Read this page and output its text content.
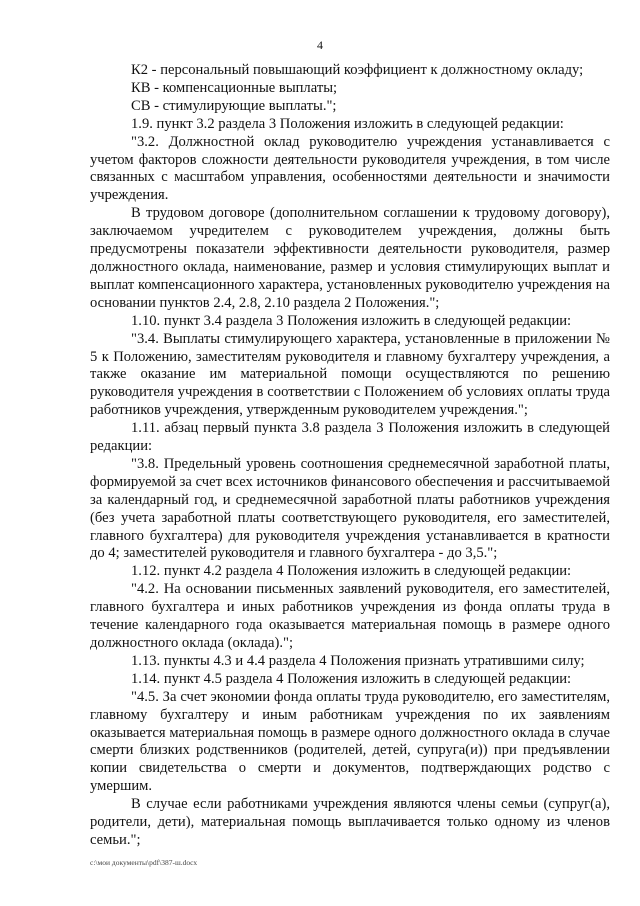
4

К2 - персональный повышающий коэффициент к должностному окладу;

КВ - компенсационные выплаты;

СВ - стимулирующие выплаты.";

1.9. пункт 3.2 раздела 3 Положения изложить в следующей редакции:

"3.2. Должностной оклад руководителю учреждения устанавливается с учетом факторов сложности деятельности руководителя учреждения, в том числе связанных с масштабом управления, особенностями деятельности и значимости учреждения.

В трудовом договоре (дополнительном соглашении к трудовому договору), заключаемом учредителем с руководителем учреждения, должны быть предусмотрены показатели эффективности деятельности руководителя, размер должностного оклада, наименование, размер и условия стимулирующих выплат и выплат компенсационного характера, установленных руководителю учреждения на основании пунктов 2.4, 2.8, 2.10 раздела 2 Положения.";

1.10. пункт 3.4 раздела 3 Положения изложить в следующей редакции:

"3.4. Выплаты стимулирующего характера, установленные в приложении № 5 к Положению, заместителям руководителя и главному бухгалтеру учреждения, а также оказание им материальной помощи осуществляются по решению руководителя учреждения в соответствии с Положением об условиях оплаты труда работников учреждения, утвержденным руководителем учреждения.";

1.11. абзац первый пункта 3.8 раздела 3 Положения изложить в следующей редакции:

"3.8. Предельный уровень соотношения среднемесячной заработной платы, формируемой за счет всех источников финансового обеспечения и рассчитываемой за календарный год, и среднемесячной заработной платы работников учреждения (без учета заработной платы соответствующего руководителя, его заместителей, главного бухгалтера) для руководителя учреждения устанавливается в кратности до 4; заместителей руководителя и главного бухгалтера - до 3,5.";

1.12. пункт 4.2 раздела 4 Положения изложить в следующей редакции:

"4.2. На основании письменных заявлений руководителя, его заместителей, главного бухгалтера и иных работников учреждения из фонда оплаты труда в течение календарного года оказывается материальная помощь в размере одного должностного оклада (оклада).";

1.13. пункты 4.3 и 4.4 раздела 4 Положения признать утратившими силу;

1.14. пункт 4.5 раздела 4 Положения изложить в следующей редакции:

"4.5. За счет экономии фонда оплаты труда руководителю, его заместителям, главному бухгалтеру и иным работникам учреждения по их заявлениям оказывается материальная помощь в размере одного должностного оклада в случае смерти близких родственников (родителей, детей, супруга(и)) при предъявлении копии свидетельства о смерти и документов, подтверждающих родство с умершим.

В случае если работниками учреждения являются члены семьи (супруг(а), родители, дети), материальная помощь выплачивается только одному из членов семьи.";

c:\мои документы\pdf\387-ш.docx
